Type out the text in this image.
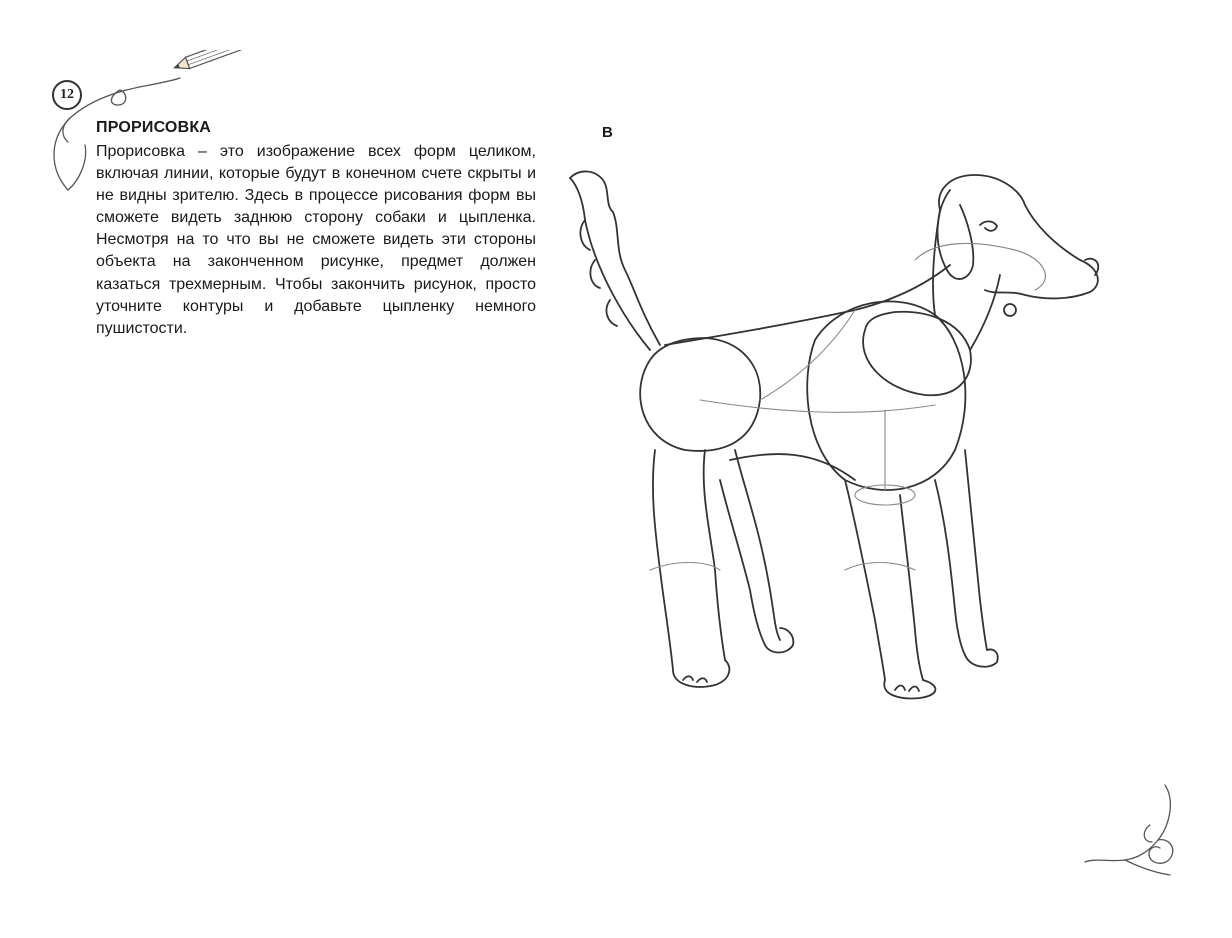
12
ПРОРИСОВКА

Прорисовка – это изображение всех форм целиком, включая линии, которые будут в конечном счете скрыты и не видны зрителю. Здесь в процессе рисования форм вы сможете видеть заднюю сторону собаки и цыпленка. Несмотря на то что вы не сможете видеть эти стороны объекта на законченном рисунке, предмет должен казаться трехмерным. Чтобы закончить рисунок, просто уточните контуры и добавьте цыпленку немного пушистости.

B
